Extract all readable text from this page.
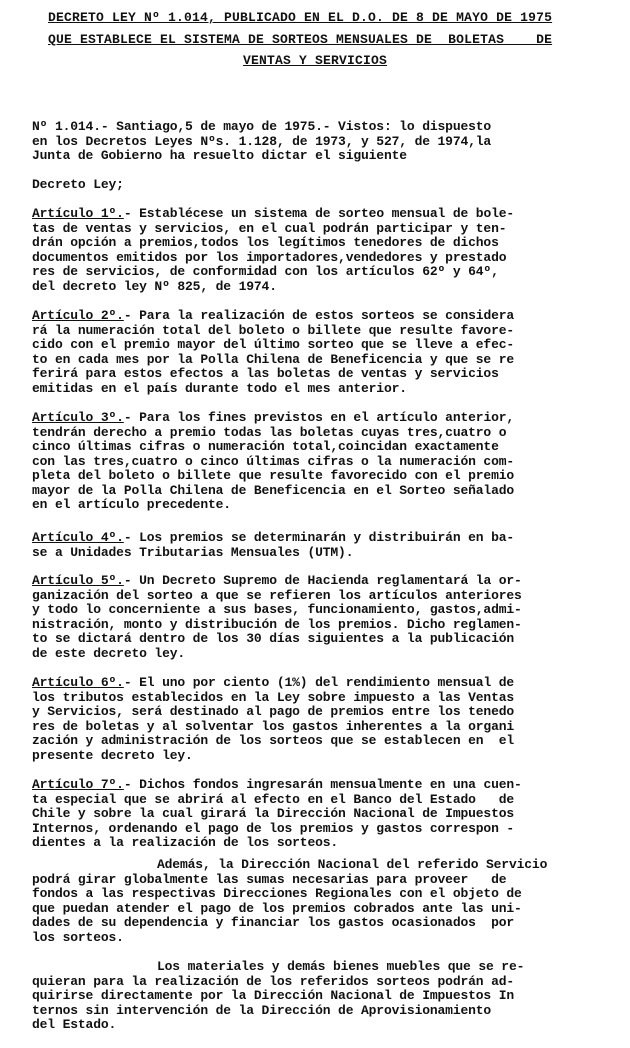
DECRETO LEY Nº 1.014, PUBLICADO EN EL D.O. DE 8 DE MAYO DE 1975
QUE ESTABLECE EL SISTEMA DE SORTEOS MENSUALES DE  BOLETAS    DE
VENTAS Y SERVICIOS
Nº 1.014.- Santiago,5 de mayo de 1975.- Vistos: lo dispuesto
en los Decretos Leyes Nºs. 1.128, de 1973, y 527, de 1974,la
Junta de Gobierno ha resuelto dictar el siguiente
Decreto Ley;
Artículo 1º.- Establécese un sistema de sorteo mensual de bole-
tas de ventas y servicios, en el cual podrán participar y ten-
drán opción a premios,todos los legítimos tenedores de dichos
documentos emitidos por los importadores,vendedores y prestado
res de servicios, de conformidad con los artículos 62º y 64º,
del decreto ley Nº 825, de 1974.
Artículo 2º.- Para la realización de estos sorteos se considera
rá la numeración total del boleto o billete que resulte favore-
cido con el premio mayor del último sorteo que se lleve a efec-
to en cada mes por la Polla Chilena de Beneficencia y que se re
ferirá para estos efectos a las boletas de ventas y servicios
emitidas en el país durante todo el mes anterior.
Artículo 3º.- Para los fines previstos en el artículo anterior,
tendrán derecho a premio todas las boletas cuyas tres,cuatro o
cinco últimas cifras o numeración total,coincidan exactamente
con las tres,cuatro o cinco últimas cifras o la numeración com-
pleta del boleto o billete que resulte favorecido con el premio
mayor de la Polla Chilena de Beneficencia en el Sorteo señalado
en el artículo precedente.
Artículo 4º.- Los premios se determinarán y distribuirán en ba-
se a Unidades Tributarias Mensuales (UTM).
Artículo 5º.- Un Decreto Supremo de Hacienda reglamentará la or-
ganización del sorteo a que se refieren los artículos anteriores
y todo lo concerniente a sus bases, funcionamiento, gastos,admi-
nistración, monto y distribución de los premios. Dicho reglamen-
to se dictará dentro de los 30 días siguientes a la publicación
de este decreto ley.
Artículo 6º.- El uno por ciento (1%) del rendimiento mensual de
los tributos establecidos en la Ley sobre impuesto a las Ventas
y Servicios, será destinado al pago de premios entre los tenedo
res de boletas y al solventar los gastos inherentes a la organi
zación y administración de los sorteos que se establecen en  el
presente decreto ley.
Artículo 7º.- Dichos fondos ingresarán mensualmente en una cuen-
ta especial que se abrirá al efecto en el Banco del Estado   de
Chile y sobre la cual girará la Dirección Nacional de Impuestos
Internos, ordenando el pago de los premios y gastos correspon -
dientes a la realización de los sorteos.
Además, la Dirección Nacional del referido Servicio
podrá girar globalmente las sumas necesarias para proveer   de
fondos a las respectivas Direcciones Regionales con el objeto de
que puedan atender el pago de los premios cobrados ante las uni-
dades de su dependencia y financiar los gastos ocasionados  por
los sorteos.
Los materiales y demás bienes muebles que se re-
quieran para la realización de los referidos sorteos podrán ad-
quirirse directamente por la Dirección Nacional de Impuestos In
ternos sin intervención de la Dirección de Aprovisionamiento
del Estado.
